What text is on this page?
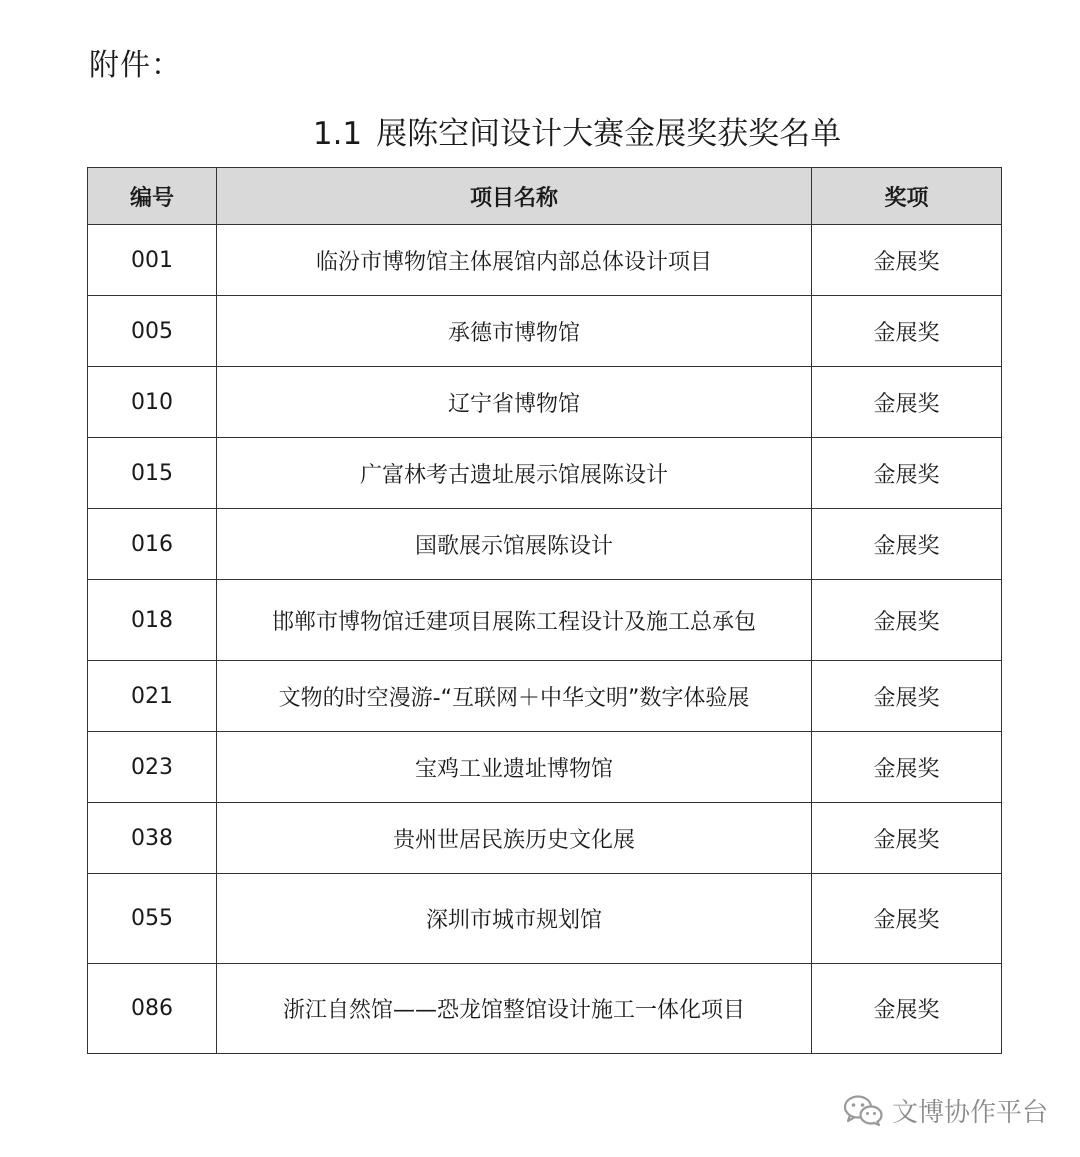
附件：
1.1 展陈空间设计大赛金展奖获奖名单
编号	项目名称	奖项
001	临汾市博物馆主体展馆内部总体设计项目	金展奖
005	承德市博物馆	金展奖
010	辽宁省博物馆	金展奖
015	广富林考古遗址展示馆展陈设计	金展奖
016	国歌展示馆展陈设计	金展奖
018	邯郸市博物馆迁建项目展陈工程设计及施工总承包	金展奖
021	文物的时空漫游-“互联网＋中华文明”数字体验展	金展奖
023	宝鸡工业遗址博物馆	金展奖
038	贵州世居民族历史文化展	金展奖
055	深圳市城市规划馆	金展奖
086	浙江自然馆——恐龙馆整馆设计施工一体化项目	金展奖
文博协作平台
